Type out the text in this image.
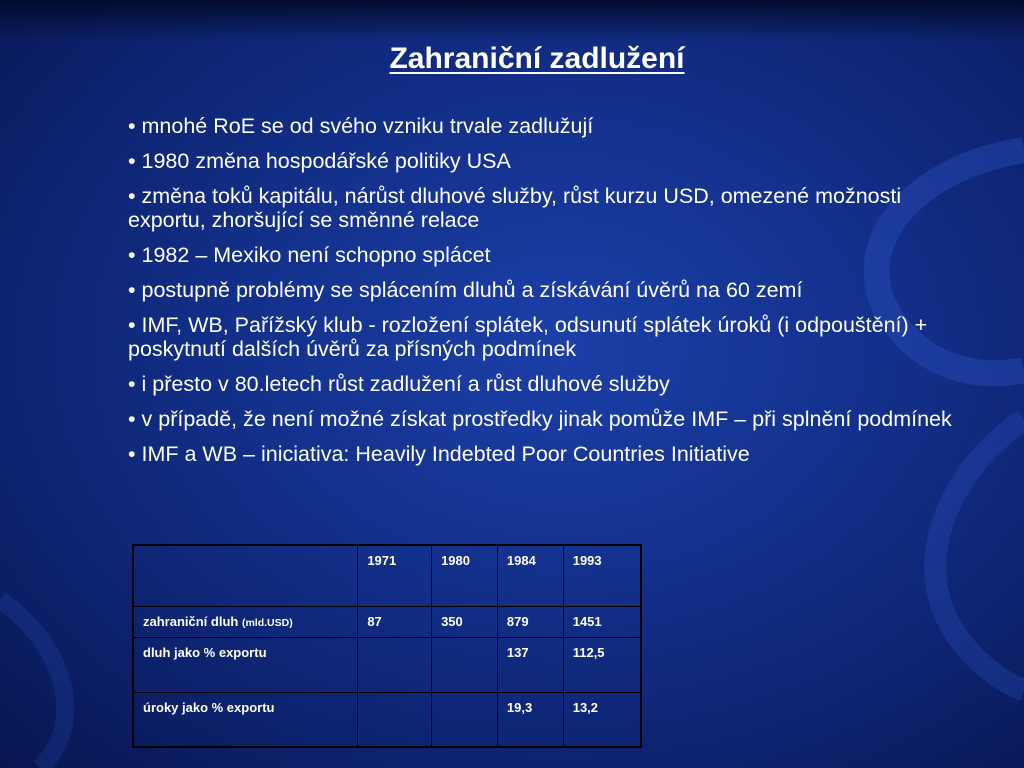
Zahraniční zadlužení
• mnohé RoE se od svého vzniku trvale zadlužují
• 1980 změna hospodářské politiky USA
• změna toků kapitálu, nárůst dluhové služby, růst kurzu USD, omezené možnosti exportu, zhoršující se směnné relace
• 1982 – Mexiko není schopno splácet
• postupně problémy se splácením dluhů a získávání úvěrů na 60 zemí
• IMF, WB, Pařížský klub - rozložení splátek, odsunutí splátek úroků (i odpouštění) + poskytnutí dalších úvěrů za přísných podmínek
• i přesto v 80.letech růst zadlužení a růst dluhové služby
• v případě, že není možné získat prostředky jinak pomůže IMF – při splnění podmínek
• IMF a WB – iniciativa: Heavily Indebted Poor Countries Initiative
	1971	1980	1984	1993
zahraniční dluh (mld.USD)	87	350	879	1451
dluh jako % exportu			137	112,5
úroky jako % exportu			19,3	13,2
